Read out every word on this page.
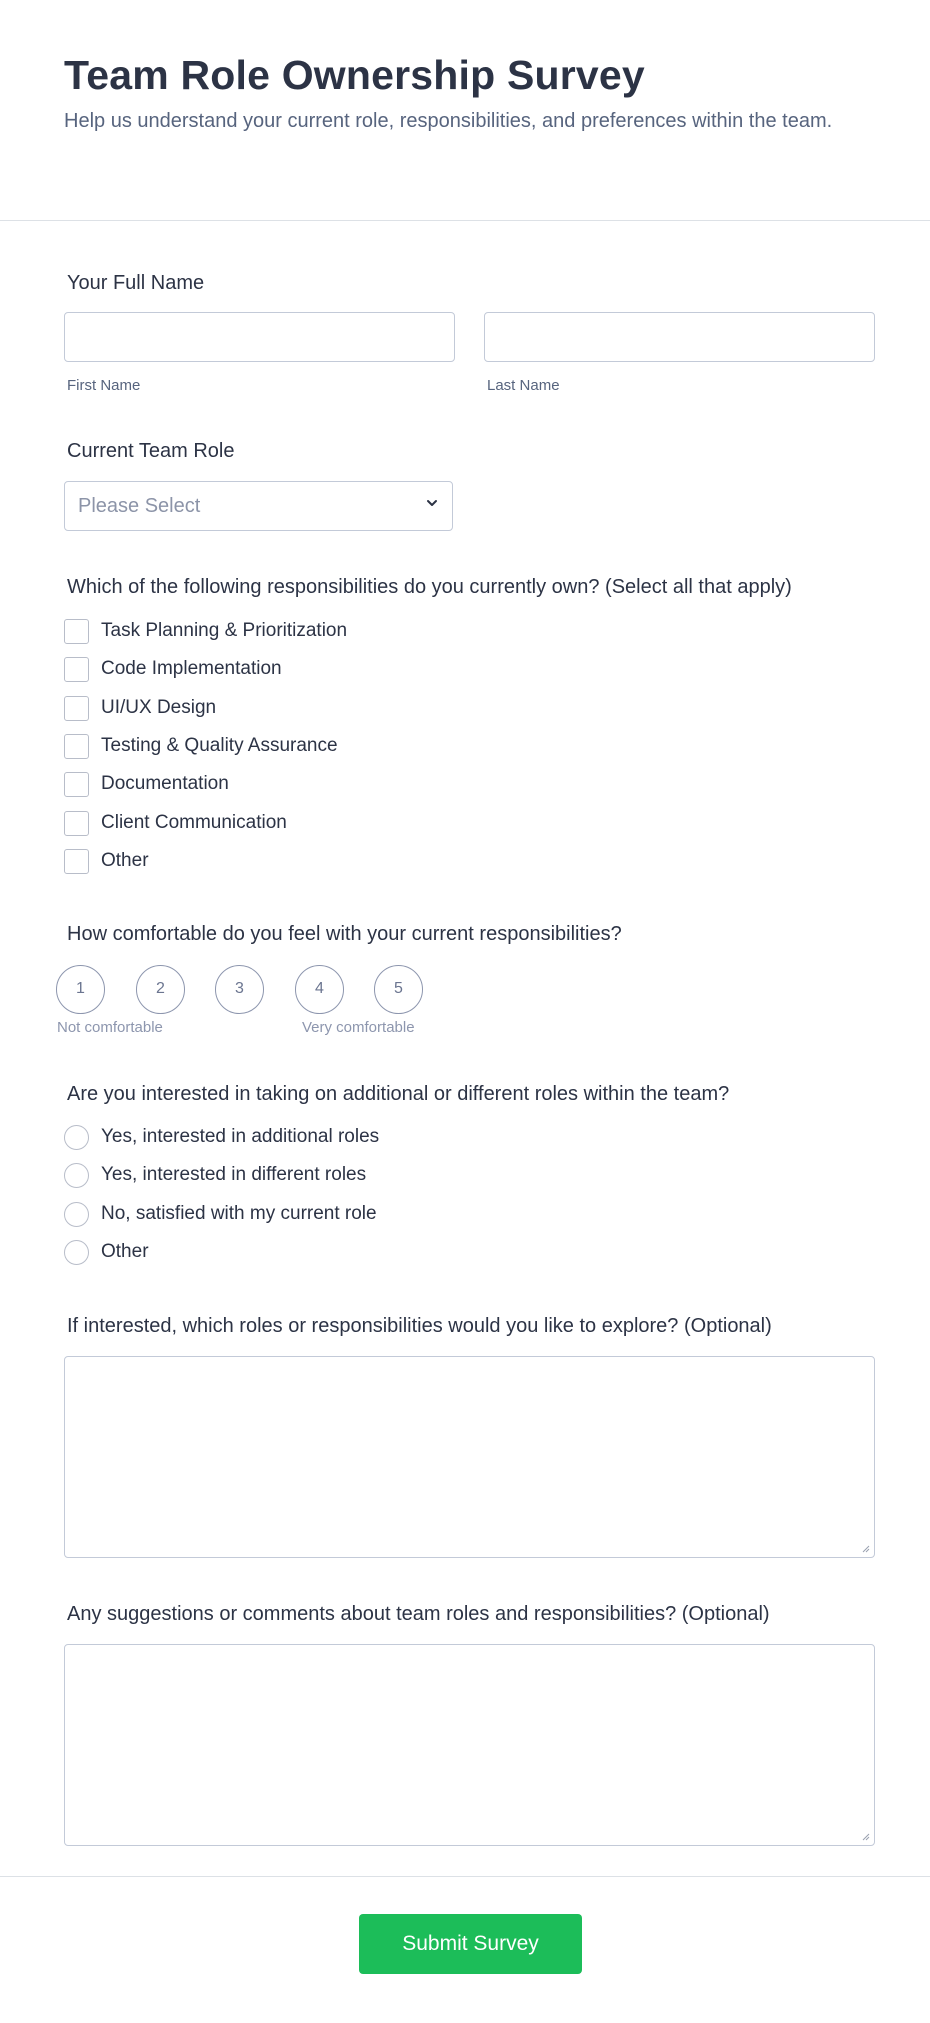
Team Role Ownership Survey

Help us understand your current role, responsibilities, and preferences within the team.

Your Full Name
First Name	Last Name
Current Team Role
Please Select
Which of the following responsibilities do you currently own? (Select all that apply)
Task Planning & Prioritization
Code Implementation
UI/UX Design
Testing & Quality Assurance
Documentation
Client Communication
Other
How comfortable do you feel with your current responsibilities?
1	2	3	4	5
Not comfortable	Very comfortable
Are you interested in taking on additional or different roles within the team?
Yes, interested in additional roles
Yes, interested in different roles
No, satisfied with my current role
Other
If interested, which roles or responsibilities would you like to explore? (Optional)
Any suggestions or comments about team roles and responsibilities? (Optional)
Submit Survey
